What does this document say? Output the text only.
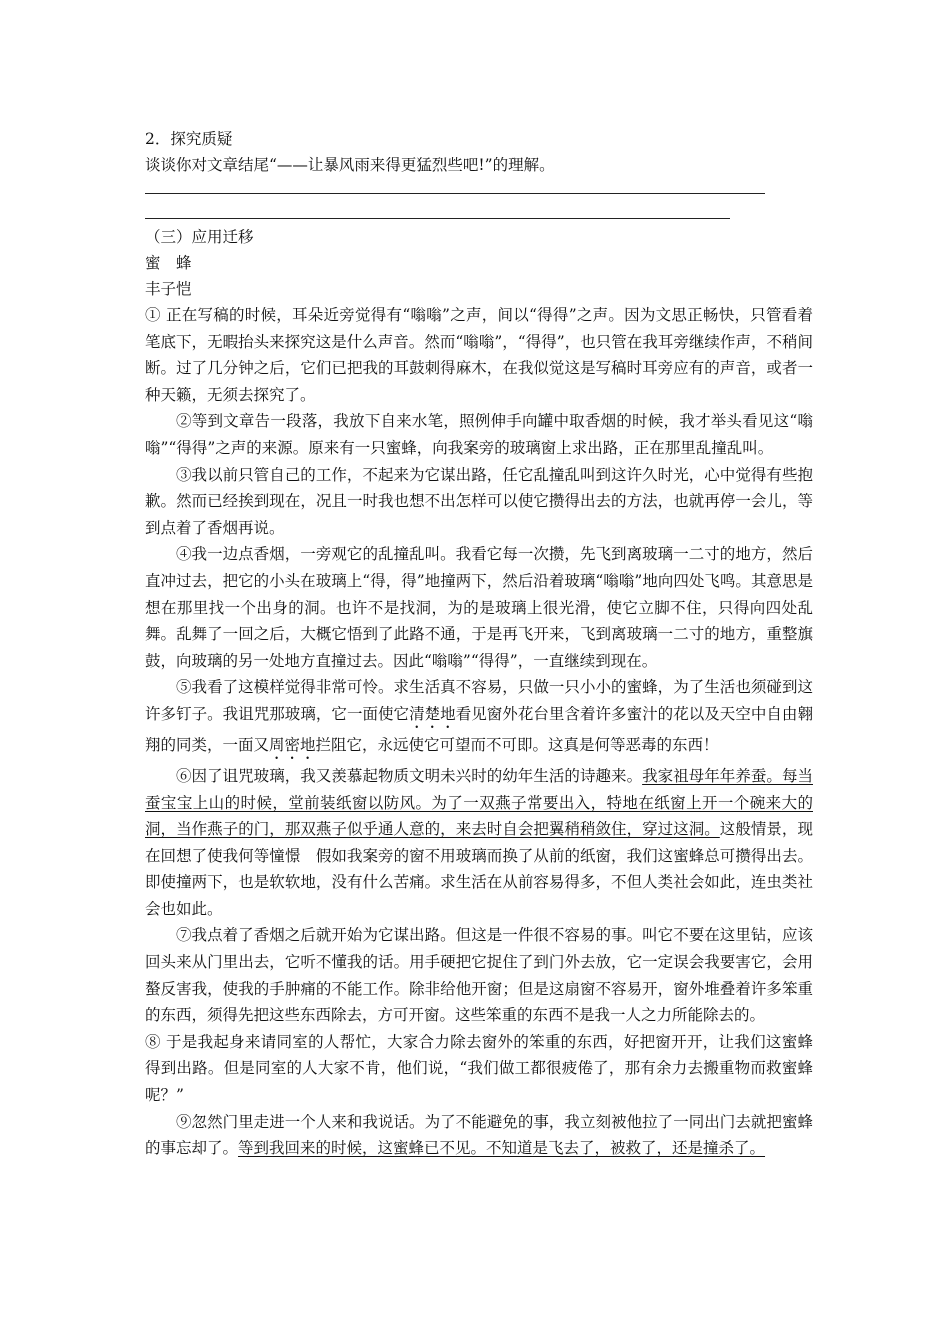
2．探究质疑
谈谈你对文章结尾“——让暴风雨来得更猛烈些吧!”的理解。
（三）应用迁移
蜜　蜂
丰子恺
① 正在写稿的时候，耳朵近旁觉得有“嗡嗡”之声，间以“得得”之声。因为文思正畅快，只管看着笔底下，无暇抬头来探究这是什么声音。然而“嗡嗡”，“得得”，也只管在我耳旁继续作声，不稍间断。过了几分钟之后，它们已把我的耳鼓刺得麻木，在我似觉这是写稿时耳旁应有的声音，或者一种天籁，无须去探究了。
②等到文章告一段落，我放下自来水笔，照例伸手向罐中取香烟的时候，我才举头看见这“嗡嗡”“得得”之声的来源。原来有一只蜜蜂，向我案旁的玻璃窗上求出路，正在那里乱撞乱叫。
③我以前只管自己的工作，不起来为它谋出路，任它乱撞乱叫到这许久时光，心中觉得有些抱歉。然而已经挨到现在，况且一时我也想不出怎样可以使它攒得出去的方法，也就再停一会儿，等到点着了香烟再说。
④我一边点香烟，一旁观它的乱撞乱叫。我看它每一次攒，先飞到离玻璃一二寸的地方，然后直冲过去，把它的小头在玻璃上“得，得”地撞两下，然后沿着玻璃“嗡嗡”地向四处飞鸣。其意思是想在那里找一个出身的洞。也许不是找洞，为的是玻璃上很光滑，使它立脚不住，只得向四处乱舞。乱舞了一回之后，大概它悟到了此路不通，于是再飞开来，飞到离玻璃一二寸的地方，重整旗鼓，向玻璃的另一处地方直撞过去。因此“嗡嗡”“得得”，一直继续到现在。
⑤我看了这模样觉得非常可怜。求生活真不容易，只做一只小小的蜜蜂，为了生活也须碰到这许多钉子。我诅咒那玻璃，它一面使它清楚地看见窗外花台里含着许多蜜汁的花以及天空中自由翱翔的同类，一面又周密地拦阻它，永远使它可望而不可即。这真是何等恶毒的东西！
⑥因了诅咒玻璃，我又羡慕起物质文明未兴时的幼年生活的诗趣来。我家祖母年年养蚕。每当蚕宝宝上山的时候，堂前装纸窗以防风。为了一双燕子常要出入，特地在纸窗上开一个碗来大的洞，当作燕子的门，那双燕子似乎通人意的，来去时自会把翼稍稍敛住，穿过这洞。这般情景，现在回想了使我何等憧憬　假如我案旁的窗不用玻璃而换了从前的纸窗，我们这蜜蜂总可攒得出去。即使撞两下，也是软软地，没有什么苦痛。求生活在从前容易得多，不但人类社会如此，连虫类社会也如此。
⑦我点着了香烟之后就开始为它谋出路。但这是一件很不容易的事。叫它不要在这里钻，应该回头来从门里出去，它听不懂我的话。用手硬把它捉住了到门外去放，它一定误会我要害它，会用螯反害我，使我的手肿痛的不能工作。除非给他开窗；但是这扇窗不容易开，窗外堆叠着许多笨重的东西，须得先把这些东西除去，方可开窗。这些笨重的东西不是我一人之力所能除去的。
⑧ 于是我起身来请同室的人帮忙，大家合力除去窗外的笨重的东西，好把窗开开，让我们这蜜蜂得到出路。但是同室的人大家不肯，他们说，“我们做工都很疲倦了，那有余力去搬重物而救蜜蜂呢？”
⑨忽然门里走进一个人来和我说话。为了不能避免的事，我立刻被他拉了一同出门去就把蜜蜂的事忘却了。等到我回来的时候，这蜜蜂已不见。不知道是飞去了，被救了，还是撞杀了。
